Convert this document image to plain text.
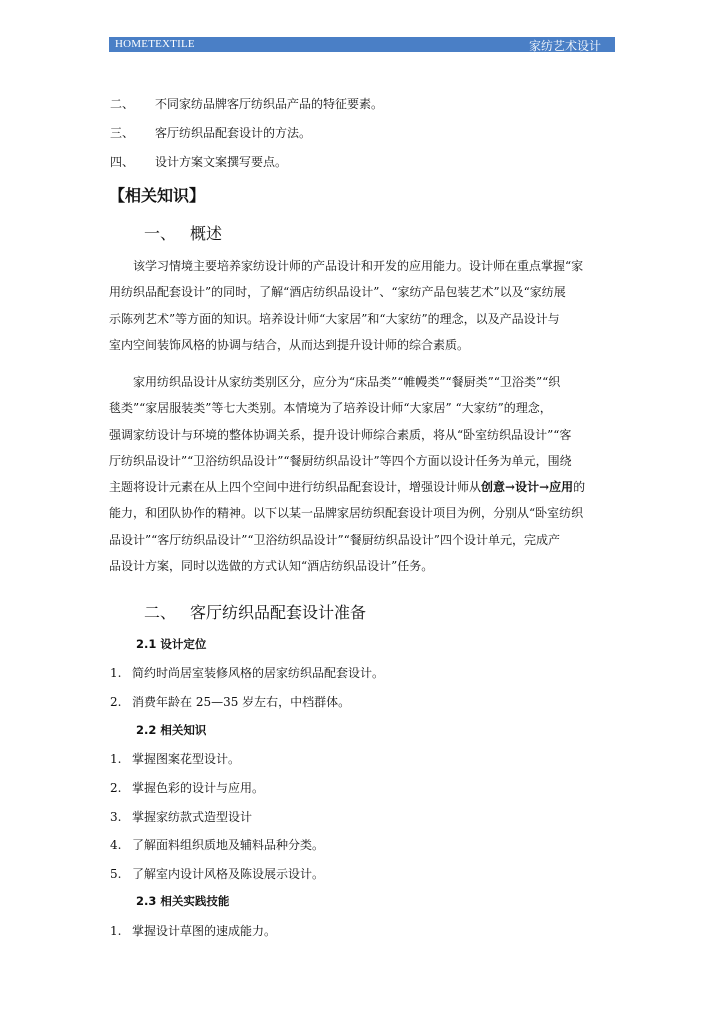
HOMETEXTILE	家纺艺术设计
二、 不同家纺品牌客厅纺织品产品的特征要素。
三、 客厅纺织品配套设计的方法。
四、 设计方案文案撰写要点。
【相关知识】
一、 概述
该学习情境主要培养家纺设计师的产品设计和开发的应用能力。设计师在重点掌握“家
用纺织品配套设计”的同时，了解“酒店纺织品设计”、“家纺产品包装艺术”以及“家纺展
示陈列艺术”等方面的知识。培养设计师“大家居”和“大家纺”的理念，以及产品设计与
室内空间装饰风格的协调与结合，从而达到提升设计师的综合素质。
家用纺织品设计从家纺类别区分，应分为“床品类”“帷幔类”“餐厨类”“卫浴类”“织
毯类”“家居服装类”等七大类别。本情境为了培养设计师“大家居” “大家纺”的理念，
强调家纺设计与环境的整体协调关系，提升设计师综合素质，将从“卧室纺织品设计”“客
厅纺织品设计”“卫浴纺织品设计”“餐厨纺织品设计”等四个方面以设计任务为单元，围绕
主题将设计元素在从上四个空间中进行纺织品配套设计，增强设计师从创意→设计→应用的
能力，和团队协作的精神。以下以某一品牌家居纺织配套设计项目为例，分别从“卧室纺织
品设计”“客厅纺织品设计”“卫浴纺织品设计”“餐厨纺织品设计”四个设计单元，完成产
品设计方案，同时以选做的方式认知“酒店纺织品设计”任务。
二、 客厅纺织品配套设计准备
2.1 设计定位
1. 简约时尚居室装修风格的居家纺织品配套设计。
2. 消费年龄在 25—35 岁左右，中档群体。
2.2 相关知识
1. 掌握图案花型设计。
2. 掌握色彩的设计与应用。
3. 掌握家纺款式造型设计
4. 了解面料组织质地及辅料品种分类。
5. 了解室内设计风格及陈设展示设计。
2.3 相关实践技能
1. 掌握设计草图的速成能力。
